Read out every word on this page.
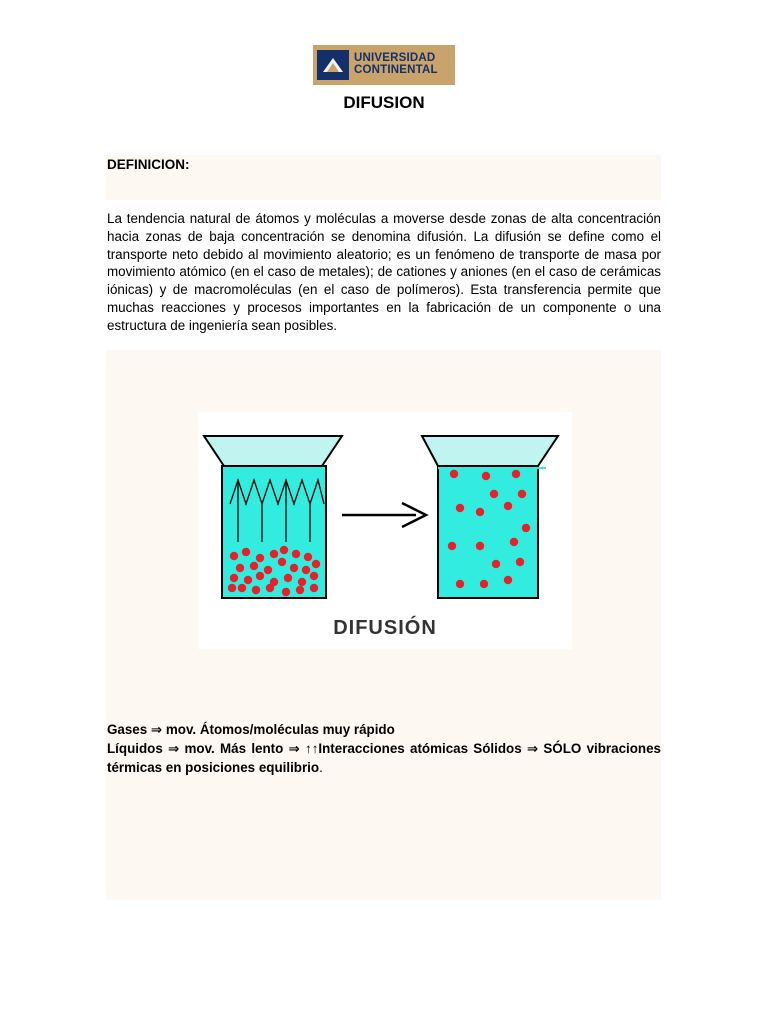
UNIVERSIDAD
CONTINENTAL
DIFUSION
DEFINICION:
La tendencia natural de átomos y moléculas a moverse desde zonas de alta concentración hacia zonas de baja concentración se denomina difusión. La difusión se define como el transporte neto debido al movimiento aleatorio; es un fenómeno de transporte de masa por movimiento atómico (en el caso de metales); de cationes y aniones (en el caso de cerámicas iónicas) y de macromoléculas (en el caso de polímeros). Esta transferencia permite que muchas reacciones y procesos importantes en la fabricación de un componente o una estructura de ingeniería sean posibles.
DIFUSIÓN
Gases ⇒ mov. Átomos/moléculas muy rápido
Líquidos ⇒ mov. Más lento ⇒ ↑↑Interacciones atómicas Sólidos ⇒ SÓLO vibraciones térmicas en posiciones equilibrio.
